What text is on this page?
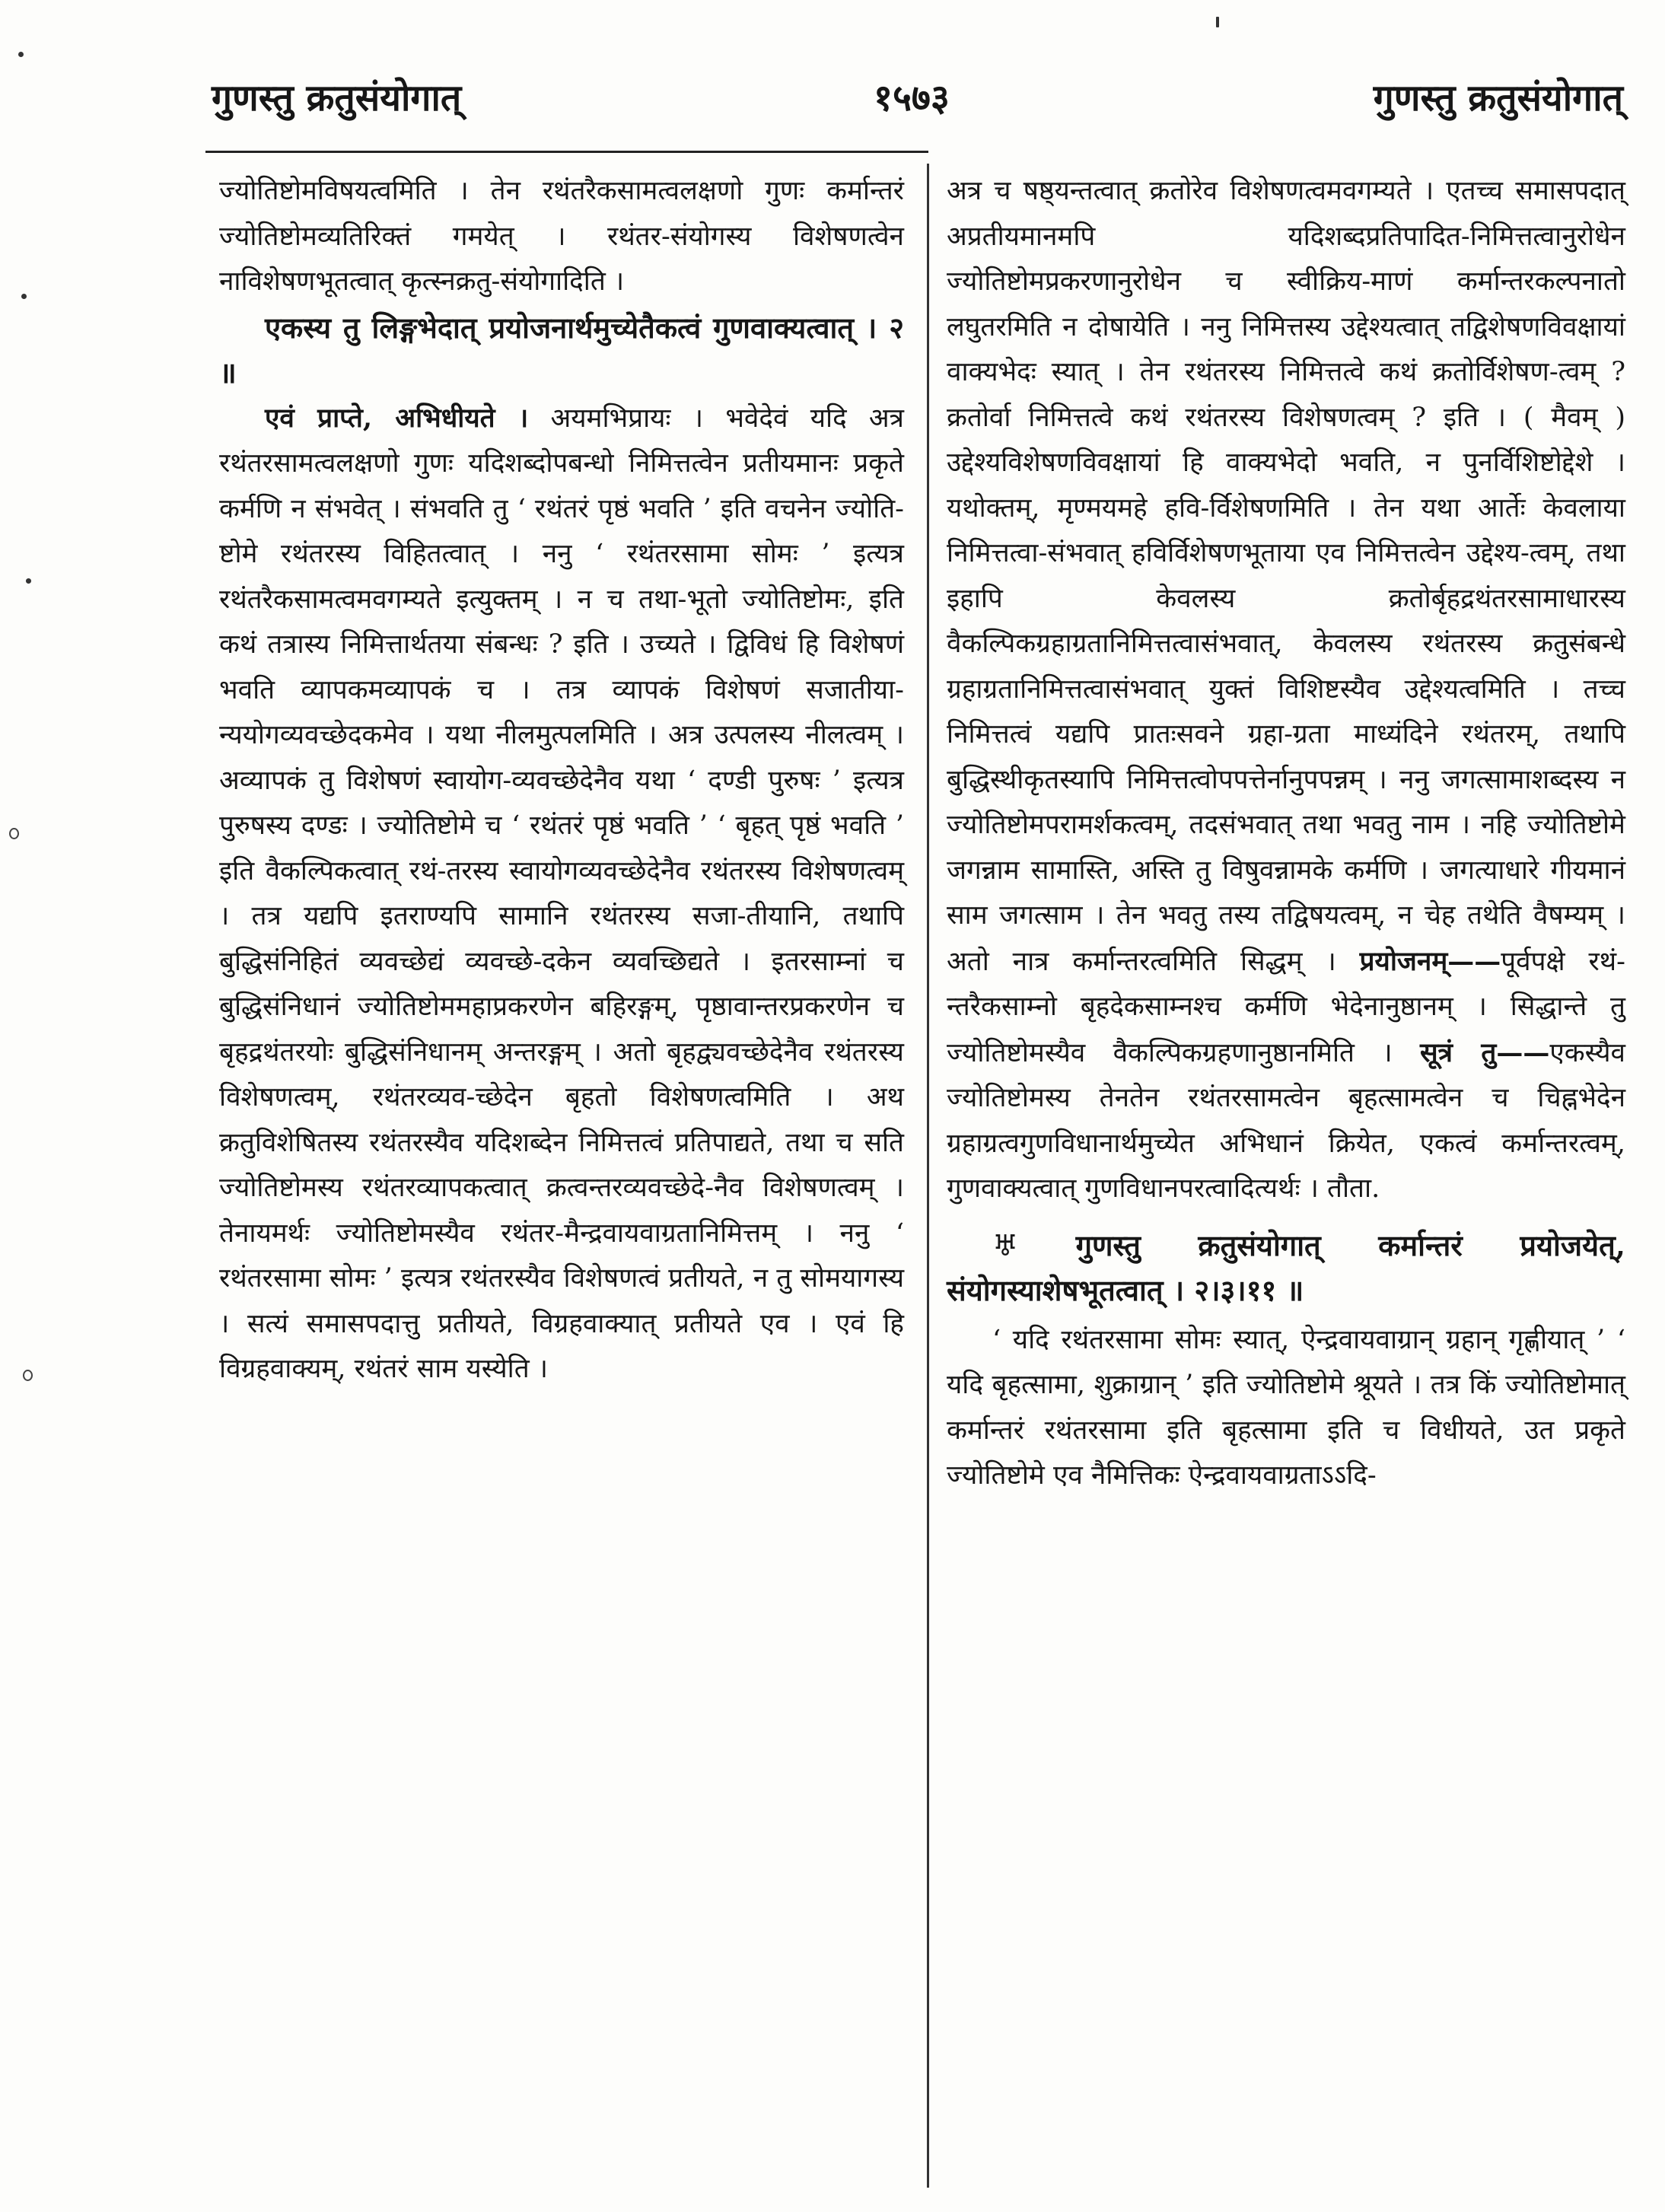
गुणस्तु क्रतुसंयोगात्	१५७३	गुणस्तु क्रतुसंयोगात्

ज्योतिष्टोमविषयत्वमिति । तेन रथंतरैकसामत्वलक्षणो गुणः कर्मान्तरं ज्योतिष्टोमव्यतिरिक्तं गमयेत् । रथंतर-संयोगस्य विशेषणत्वेन नाविशेषणभूतत्वात् कृत्स्नक्रतु-संयोगादिति ।

एकस्य तु लिङ्गभेदात् प्रयोजनार्थमुच्येतैकत्वं गुणवाक्यत्वात् । २ ॥

एवं प्राप्ते, अभिधीयते । अयमभिप्रायः । भवेदेवं यदि अत्र रथंतरसामत्वलक्षणो गुणः यदिशब्दोपबन्धो निमित्तत्वेन प्रतीयमानः प्रकृते कर्मणि न संभवेत् । संभवति तु ‘ रथंतरं पृष्ठं भवति ’ इति वचनेन ज्योति-ष्टोमे रथंतरस्य विहितत्वात् । ननु ‘ रथंतरसामा सोमः ’ इत्यत्र रथंतरैकसामत्वमवगम्यते इत्युक्तम् । न च तथा-भूतो ज्योतिष्टोमः, इति कथं तत्रास्य निमित्तार्थतया संबन्धः ? इति । उच्यते । द्विविधं हि विशेषणं भवति व्यापकमव्यापकं च । तत्र व्यापकं विशेषणं सजातीया-न्ययोगव्यवच्छेदकमेव । यथा नीलमुत्पलमिति । अत्र उत्पलस्य नीलत्वम् । अव्यापकं तु विशेषणं स्वायोग-व्यवच्छेदेनैव यथा ‘ दण्डी पुरुषः ’ इत्यत्र पुरुषस्य दण्डः । ज्योतिष्टोमे च ‘ रथंतरं पृष्ठं भवति ’ ‘ बृहत् पृष्ठं भवति ’ इति वैकल्पिकत्वात् रथं-तरस्य स्वायोगव्यवच्छेदेनैव रथंतरस्य विशेषणत्वम् । तत्र यद्यपि इतराण्यपि सामानि रथंतरस्य सजा-तीयानि, तथापि बुद्धिसंनिहितं व्यवच्छेद्यं व्यवच्छे-दकेन व्यवच्छिद्यते । इतरसाम्नां च बुद्धिसंनिधानं ज्योतिष्टोममहाप्रकरणेन बहिरङ्गम्, पृष्ठावान्तरप्रकरणेन च बृहद्रथंतरयोः बुद्धिसंनिधानम् अन्तरङ्गम् । अतो बृहद्व्यवच्छेदेनैव रथंतरस्य विशेषणत्वम्, रथंतरव्यव-च्छेदेन बृहतो विशेषणत्वमिति । अथ क्रतुविशेषितस्य रथंतरस्यैव यदिशब्देन निमित्तत्वं प्रतिपाद्यते, तथा च सति ज्योतिष्टोमस्य रथंतरव्यापकत्वात् क्रत्वन्तरव्यवच्छेदे-नैव विशेषणत्वम् । तेनायमर्थः ज्योतिष्टोमस्यैव रथंतर-मैन्द्रवायवाग्रतानिमित्तम् । ननु ‘ रथंतरसामा सोमः ’ इत्यत्र रथंतरस्यैव विशेषणत्वं प्रतीयते, न तु सोमयागस्य । सत्यं समासपदात्तु प्रतीयते, विग्रहवाक्यात् प्रतीयते एव । एवं हि विग्रहवाक्यम्, रथंतरं साम यस्येति ।

अत्र च षष्ठ्यन्तत्वात् क्रतोरेव विशेषणत्वमवगम्यते । एतच्च समासपदात् अप्रतीयमानमपि यदिशब्दप्रतिपादित-निमित्तत्वानुरोधेन ज्योतिष्टोमप्रकरणानुरोधेन च स्वीक्रिय-माणं कर्मान्तरकल्पनातो लघुतरमिति न दोषायेति । ननु निमित्तस्य उद्देश्यत्वात् तद्विशेषणविवक्षायां वाक्यभेदः स्यात् । तेन रथंतरस्य निमित्तत्वे कथं क्रतोर्विशेषण-त्वम् ? क्रतोर्वा निमित्तत्वे कथं रथंतरस्य विशेषणत्वम् ? इति । ( मैवम् ) उद्देश्यविशेषणविवक्षायां हि वाक्यभेदो भवति, न पुनर्विशिष्टोद्देशे । यथोक्तम्, मृण्मयमहे हवि-र्विशेषणमिति । तेन यथा आर्तेः केवलाया निमित्तत्वा-संभवात् हविर्विशेषणभूताया एव निमित्तत्वेन उद्देश्य-त्वम्, तथा इहापि केवलस्य क्रतोर्बृहद्रथंतरसामाधारस्य वैकल्पिकग्रहाग्रतानिमित्तत्वासंभवात्, केवलस्य रथंतरस्य क्रतुसंबन्धे ग्रहाग्रतानिमित्तत्वासंभवात् युक्तं विशिष्टस्यैव उद्देश्यत्वमिति । तच्च निमित्तत्वं यद्यपि प्रातःसवने ग्रहा-ग्रता माध्यंदिने रथंतरम्, तथापि बुद्धिस्थीकृतस्यापि निमित्तत्वोपपत्तेर्नानुपपन्नम् । ननु जगत्सामाशब्दस्य न ज्योतिष्टोमपरामर्शकत्वम्, तदसंभवात् तथा भवतु नाम । नहि ज्योतिष्टोमे जगन्नाम सामास्ति, अस्ति तु विषुवन्नामके कर्मणि । जगत्याधारे गीयमानं साम जगत्साम । तेन भवतु तस्य तद्विषयत्वम्, न चेह तथेति वैषम्यम् । अतो नात्र कर्मान्तरत्वमिति सिद्धम् । प्रयोजनम्——पूर्वपक्षे रथं-न्तरैकसाम्नो बृहदेकसाम्नश्च कर्मणि भेदेनानुष्ठानम् । सिद्धान्ते तु ज्योतिष्टोमस्यैव वैकल्पिकग्रहणानुष्ठानमिति । सूत्रं तु——एकस्यैव ज्योतिष्टोमस्य तेनतेन रथंतरसामत्वेन बृहत्सामत्वेन च चिह्नभेदेन ग्रहाग्रत्वगुणविधानार्थमुच्येत अभिधानं क्रियेत, एकत्वं कर्मान्तरत्वम्, गुणवाक्यत्वात् गुणविधानपरत्वादित्यर्थः । तौता.

♅ गुणस्तु क्रतुसंयोगात् कर्मान्तरं प्रयोजयेत्, संयोगस्याशेषभूतत्वात् । २।३।११ ॥

‘ यदि रथंतरसामा सोमः स्यात्, ऐन्द्रवायवाग्रान् ग्रहान् गृह्णीयात् ’ ‘ यदि बृहत्सामा, शुक्राग्रान् ’ इति ज्योतिष्टोमे श्रूयते । तत्र किं ज्योतिष्टोमात् कर्मान्तरं रथंतरसामा इति बृहत्सामा इति च विधीयते, उत प्रकृते ज्योतिष्टोमे एव नैमित्तिकः ऐन्द्रवायवाग्रताऽऽदि-
